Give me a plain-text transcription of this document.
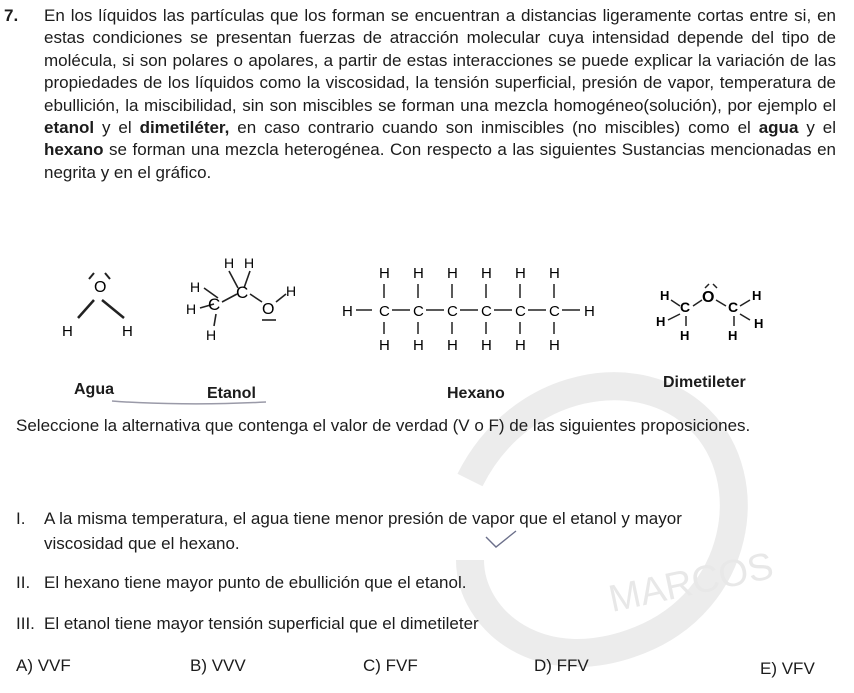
MARCOS
7. En los líquidos las partículas que los forman se encuentran a distancias ligeramente cortas entre si, en estas condiciones se presentan fuerzas de atracción molecular cuya intensidad depende del tipo de molécula, si son polares o apolares, a partir de estas interacciones se puede explicar la variación de las propiedades de los líquidos como la viscosidad, la tensión superficial, presión de vapor, temperatura de ebullición, la miscibilidad, sin son miscibles se forman una mezcla homogéneo(solución), por ejemplo el etanol y el dimetiléter, en caso contrario cuando son inmiscibles (no miscibles) como el agua y el hexano se forman una mezcla heterogénea. Con respecto a las siguientes Sustancias mencionadas en negrita y en el gráfico.
O
H	H
H H
C
H
H C
H
O
H
H
H
C
H
H
C
H
H
C
H
H
C
H
H
C
H
H
C
H
H
H
H
C
H
O
C
H
H
H
Agua	Etanol	Hexano
Dimetileter
Seleccione la alternativa que contenga el valor de verdad (V o F) de las siguientes proposiciones.
I. A la misma temperatura, el agua tiene menor presión de vapor que el etanol y mayor
viscosidad que el hexano.
II. El hexano tiene mayor punto de ebullición que el etanol.
III. El etanol tiene mayor tensión superficial que el dimetileter
A) VVF	B) VVV	C) FVF	D) FFV	E) VFV
